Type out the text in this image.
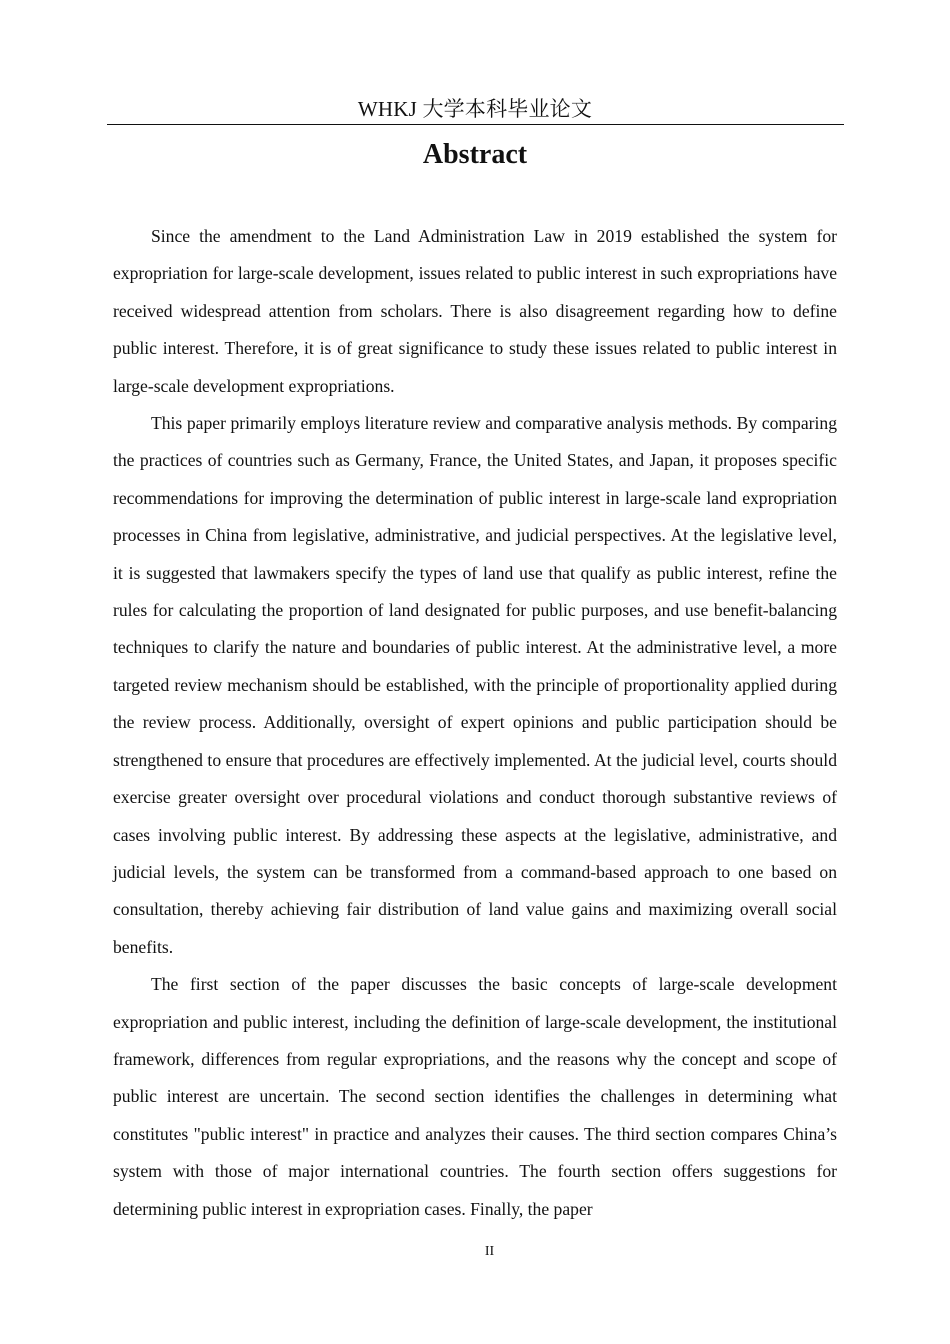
WHKJ 大学本科毕业论文
Abstract

Since the amendment to the Land Administration Law in 2019 established the system for expropriation for large-scale development, issues related to public interest in such expropriations have received widespread attention from scholars. There is also disagreement regarding how to define public interest. Therefore, it is of great significance to study these issues related to public interest in large-scale development expropriations.

This paper primarily employs literature review and comparative analysis methods. By comparing the practices of countries such as Germany, France, the United States, and Japan, it proposes specific recommendations for improving the determination of public interest in large-scale land expropriation processes in China from legislative, administrative, and judicial perspectives. At the legislative level, it is suggested that lawmakers specify the types of land use that qualify as public interest, refine the rules for calculating the proportion of land designated for public purposes, and use benefit-balancing techniques to clarify the nature and boundaries of public interest. At the administrative level, a more targeted review mechanism should be established, with the principle of proportionality applied during the review process. Additionally, oversight of expert opinions and public participation should be strengthened to ensure that procedures are effectively implemented. At the judicial level, courts should exercise greater oversight over procedural violations and conduct thorough substantive reviews of cases involving public interest. By addressing these aspects at the legislative, administrative, and judicial levels, the system can be transformed from a command-based approach to one based on consultation, thereby achieving fair distribution of land value gains and maximizing overall social benefits.

The first section of the paper discusses the basic concepts of large-scale development expropriation and public interest, including the definition of large-scale development, the institutional framework, differences from regular expropriations, and the reasons why the concept and scope of public interest are uncertain. The second section identifies the challenges in determining what constitutes "public interest" in practice and analyzes their causes. The third section compares China’s system with those of major international countries. The fourth section offers suggestions for determining public interest in expropriation cases. Finally, the paper

II
